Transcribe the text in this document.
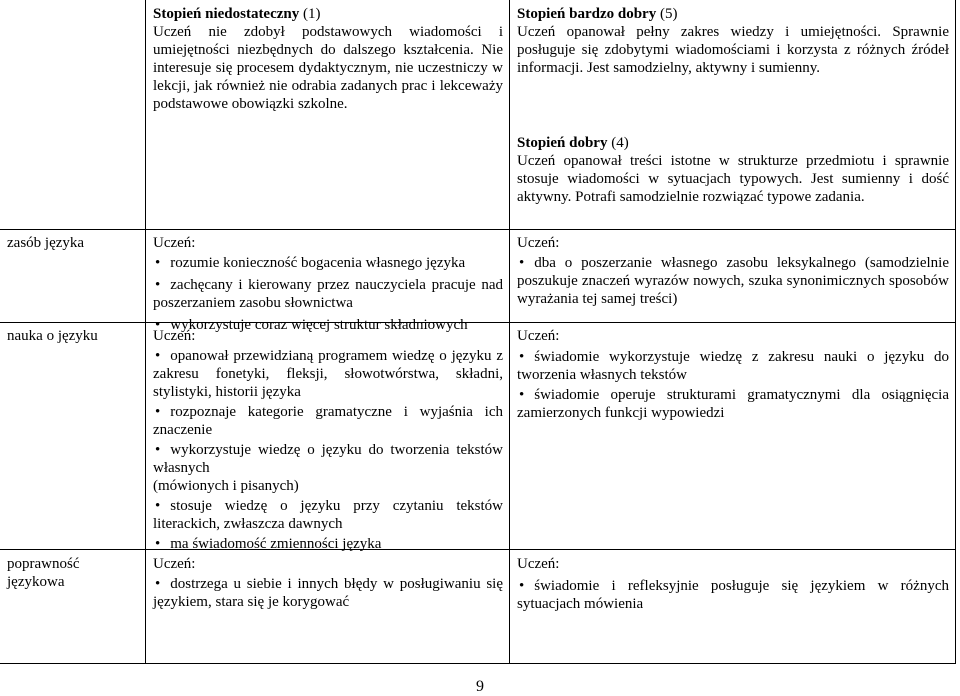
Stopień niedostateczny (1)
Uczeń nie zdobył podstawowych wiadomości i umiejętności niezbędnych do dalszego kształcenia. Nie interesuje się procesem dydaktycznym, nie uczestniczy w lekcji, jak również nie odrabia zadanych prac i lekceważy podstawowe obowiązki szkolne.
Stopień bardzo dobry (5)
Uczeń opanował pełny zakres wiedzy i umiejętności. Sprawnie posługuje się zdobytymi wiadomościami i korzysta z różnych źródeł informacji. Jest samodzielny, aktywny i sumienny.
Stopień dobry (4)
Uczeń opanował treści istotne w strukturze przedmiotu i sprawnie stosuje wiadomości w sytuacjach typowych. Jest sumienny i dość aktywny. Potrafi samodzielnie rozwiązać typowe zadania.
zasób języka
nauka o języku
poprawność
językowa
Uczeń:
• rozumie konieczność bogacenia własnego języka
• zachęcany i kierowany przez nauczyciela pracuje nad poszerzaniem zasobu słownictwa
• wykorzystuje coraz więcej struktur składniowych
Uczeń:
• dba o poszerzanie własnego zasobu leksykalnego (samodzielnie poszukuje znaczeń wyrazów nowych, szuka synonimicznych sposobów wyrażania tej samej treści)
Uczeń:
• opanował przewidzianą programem wiedzę o języku z zakresu fonetyki, fleksji, słowotwórstwa, składni, stylistyki, historii języka
• rozpoznaje kategorie gramatyczne i wyjaśnia ich znaczenie
• wykorzystuje wiedzę o języku do tworzenia tekstów własnych
(mówionych i pisanych)
• stosuje wiedzę o języku przy czytaniu tekstów literackich, zwłaszcza dawnych
• ma świadomość zmienności języka
Uczeń:
• świadomie wykorzystuje wiedzę z zakresu nauki o języku do tworzenia własnych tekstów
• świadomie operuje strukturami gramatycznymi dla osiągnięcia zamierzonych funkcji wypowiedzi
Uczeń:
• dostrzega u siebie i innych błędy w posługiwaniu się językiem, stara się je korygować
Uczeń:
• świadomie i refleksyjnie posługuje się językiem w różnych sytuacjach mówienia
9
